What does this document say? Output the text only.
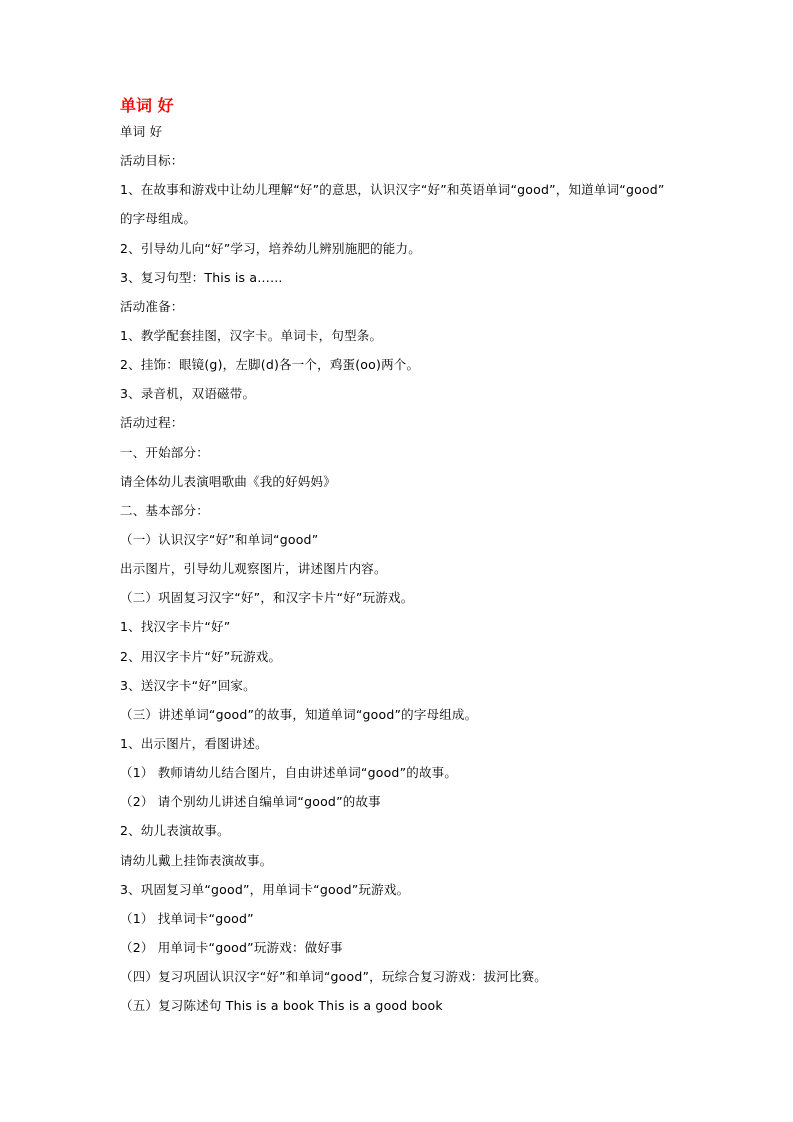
单词 好
单词 好
活动目标：
1、在故事和游戏中让幼儿理解“好”的意思，认识汉字“好”和英语单词“good”，知道单词“good”
的字母组成。
2、引导幼儿向“好”学习，培养幼儿辨别施肥的能力。
3、复习句型：This is a……
活动准备：
1、教学配套挂图，汉字卡。单词卡，句型条。
2、挂饰：眼镜(g)，左脚(d)各一个，鸡蛋(oo)两个。
3、录音机，双语磁带。
活动过程：
一、开始部分：
请全体幼儿表演唱歌曲《我的好妈妈》
二、基本部分：
（一）认识汉字“好”和单词“good”
出示图片，引导幼儿观察图片，讲述图片内容。
（二）巩固复习汉字“好”，和汉字卡片“好”玩游戏。
1、找汉字卡片“好”
2、用汉字卡片“好”玩游戏。
3、送汉字卡“好”回家。
（三）讲述单词“good”的故事，知道单词“good”的字母组成。
1、出示图片，看图讲述。
（1） 教师请幼儿结合图片，自由讲述单词“good”的故事。
（2） 请个别幼儿讲述自编单词“good”的故事
2、幼儿表演故事。
请幼儿戴上挂饰表演故事。
3、巩固复习单“good”，用单词卡“good”玩游戏。
（1） 找单词卡“good”
（2） 用单词卡“good”玩游戏：做好事
（四）复习巩固认识汉字“好”和单词“good”，玩综合复习游戏：拔河比赛。
（五）复习陈述句 This is a book This is a good book
